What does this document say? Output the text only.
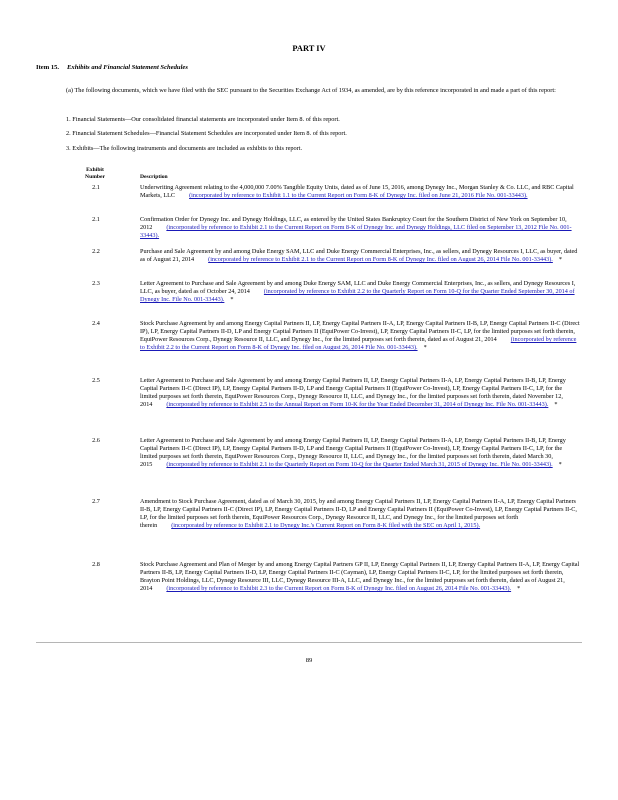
PART IV
Item 15. Exhibits and Financial Statement Schedules
(a) The following documents, which we have filed with the SEC pursuant to the Securities Exchange Act of 1934, as amended, are by this reference incorporated in and made a part of this report:
1. Financial Statements—Our consolidated financial statements are incorporated under Item 8. of this report.
2. Financial Statement Schedules—Financial Statement Schedules are incorporated under Item 8. of this report.
3. Exhibits—The following instruments and documents are included as exhibits to this report.
Exhibit
Number	Description
2.1	Underwriting Agreement relating to the 4,000,000 7.00% Tangible Equity Units, dated as of June 15, 2016, among Dynegy Inc., Morgan Stanley & Co. LLC, and RBC Capital Markets, LLC (incorporated by reference to Exhibit 1.1 to the Current Report on Form 8-K of Dynegy Inc. filed on June 21, 2016 File No. 001-33443).
2.1	Confirmation Order for Dynegy Inc. and Dynegy Holdings, LLC, as entered by the United States Bankruptcy Court for the Southern District of New York on September 10, 2012 (incorporated by reference to Exhibit 2.1 to the Current Report on Form 8-K of Dynegy Inc. and Dynegy Holdings, LLC filed on September 13, 2012 File No. 001-33443).
2.2	Purchase and Sale Agreement by and among Duke Energy SAM, LLC and Duke Energy Commercial Enterprises, Inc., as sellers, and Dynegy Resources I, LLC, as buyer, dated as of August 21, 2014 (incorporated by reference to Exhibit 2.1 to the Current Report on Form 8-K of Dynegy Inc. filed on August 26, 2014 File No. 001-33443). *
2.3	Letter Agreement to Purchase and Sale Agreement by and among Duke Energy SAM, LLC and Duke Energy Commercial Enterprises, Inc., as sellers, and Dynegy Resources I, LLC, as buyer, dated as of October 24, 2014 (incorporated by reference to Exhibit 2.2 to the Quarterly Report on Form 10-Q for the Quarter Ended September 30, 2014 of Dynegy Inc. File No. 001-33443). *
2.4	Stock Purchase Agreement by and among Energy Capital Partners II, LP, Energy Capital Partners II-A, LP, Energy Capital Partners II-B, LP, Energy Capital Partners II-C (Direct IP), LP, Energy Capital Partners II-D, LP and Energy Capital Partners II (EquiPower Co-Invest), LP, Energy Capital Partners II-C, LP, for the limited purposes set forth therein, EquiPower Resources Corp., Dynegy Resource II, LLC, and Dynegy Inc., for the limited purposes set forth therein, dated as of August 21, 2014 (incorporated by reference to Exhibit 2.2 to the Current Report on Form 8-K of Dynegy Inc. filed on August 26, 2014 File No. 001-33443). *
2.5	Letter Agreement to Purchase and Sale Agreement by and among Energy Capital Partners II, LP, Energy Capital Partners II-A, LP, Energy Capital Partners II-B, LP, Energy Capital Partners II-C (Direct IP), LP, Energy Capital Partners II-D, LP and Energy Capital Partners II (EquiPower Co-Invest), LP, Energy Capital Partners II-C, LP, for the limited purposes set forth therein, EquiPower Resources Corp., Dynegy Resource II, LLC, and Dynegy Inc., for the limited purposes set forth therein, dated November 12, 2014 (incorporated by reference to Exhibit 2.5 to the Annual Report on Form 10-K for the Year Ended December 31, 2014 of Dynegy Inc. File No. 001-33443). *
2.6	Letter Agreement to Purchase and Sale Agreement by and among Energy Capital Partners II, LP, Energy Capital Partners II-A, LP, Energy Capital Partners II-B, LP, Energy Capital Partners II-C (Direct IP), LP, Energy Capital Partners II-D, LP and Energy Capital Partners II (EquiPower Co-Invest), LP, Energy Capital Partners II-C, LP, for the limited purposes set forth therein, EquiPower Resources Corp., Dynegy Resource II, LLC, and Dynegy Inc., for the limited purposes set forth therein, dated March 30, 2015 (incorporated by reference to Exhibit 2.1 to the Quarterly Report on Form 10-Q for the Quarter Ended March 31, 2015 of Dynegy Inc. File No. 001-33443). *
2.7	Amendment to Stock Purchase Agreement, dated as of March 30, 2015, by and among Energy Capital Partners II, LP, Energy Capital Partners II-A, LP, Energy Capital Partners II-B, LP, Energy Capital Partners II-C (Direct IP), LP, Energy Capital Partners II-D, LP and Energy Capital Partners II (EquiPower Co-Invest), LP, Energy Capital Partners II-C, LP, for the limited purposes set forth therein, EquiPower Resources Corp., Dynegy Resource II, LLC, and Dynegy Inc., for the limited purposes set forth therein (incorporated by reference to Exhibit 2.1 to Dynegy Inc.'s Current Report on Form 8-K filed with the SEC on April 1, 2015).
2.8	Stock Purchase Agreement and Plan of Merger by and among Energy Capital Partners GP II, LP, Energy Capital Partners II, LP, Energy Capital Partners II-A, LP, Energy Capital Partners II-B, LP, Energy Capital Partners II-D, LP, Energy Capital Partners II-C (Cayman), LP, Energy Capital Partners II-C, LP, for the limited purposes set forth therein, Brayton Point Holdings, LLC, Dynegy Resource III, LLC, Dynegy Resource III-A, LLC, and Dynegy Inc., for the limited purposes set forth therein, dated as of August 21, 2014 (incorporated by reference to Exhibit 2.3 to the Current Report on Form 8-K of Dynegy Inc. filed on August 26, 2014 File No. 001-33443). *
89
